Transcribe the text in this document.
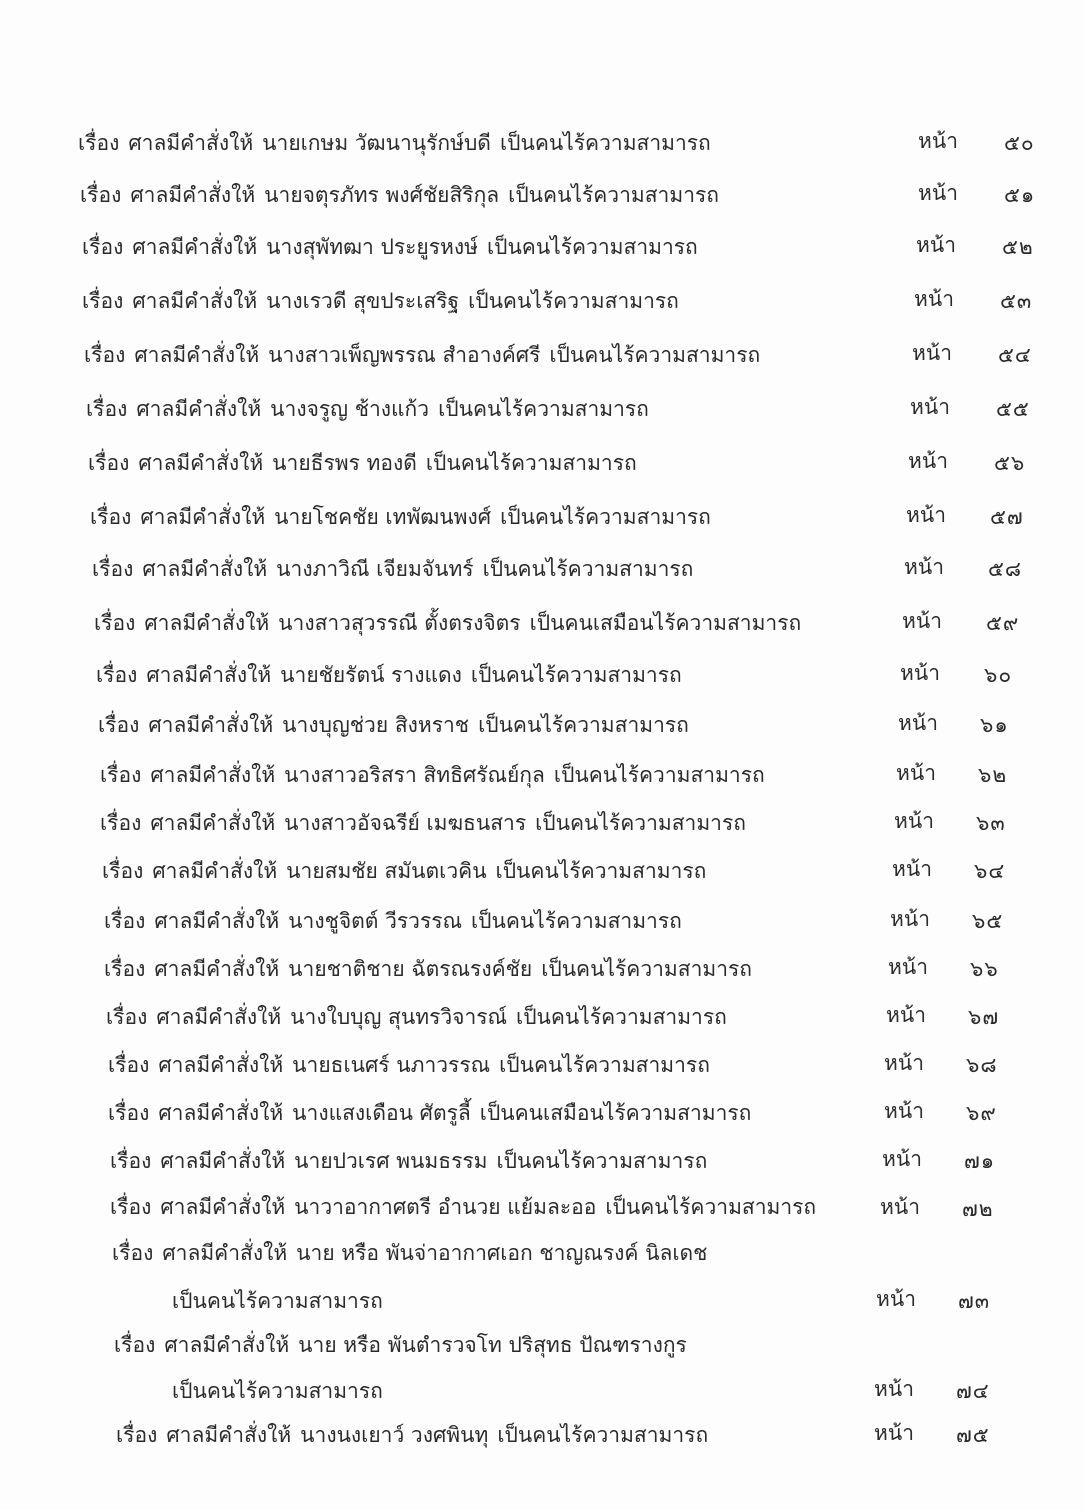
เรื่อง ศาลมีคำสั่งให้ นายเกษม วัฒนานุรักษ์บดี เป็นคนไร้ความสามารถ	หน้า ๕๐
เรื่อง ศาลมีคำสั่งให้ นายจตุรภัทร พงศ์ชัยสิริกุล เป็นคนไร้ความสามารถ	หน้า ๕๑
เรื่อง ศาลมีคำสั่งให้ นางสุพัทฒา ประยูรหงษ์ เป็นคนไร้ความสามารถ	หน้า ๕๒
เรื่อง ศาลมีคำสั่งให้ นางเรวดี สุขประเสริฐ เป็นคนไร้ความสามารถ	หน้า ๕๓
เรื่อง ศาลมีคำสั่งให้ นางสาวเพ็ญพรรณ สำอางค์ศรี เป็นคนไร้ความสามารถ	หน้า ๕๔
เรื่อง ศาลมีคำสั่งให้ นางจรูญ ช้างแก้ว เป็นคนไร้ความสามารถ	หน้า ๕๕
เรื่อง ศาลมีคำสั่งให้ นายธีรพร ทองดี เป็นคนไร้ความสามารถ	หน้า ๕๖
เรื่อง ศาลมีคำสั่งให้ นายโชคชัย เทพัฒนพงศ์ เป็นคนไร้ความสามารถ	หน้า ๕๗
เรื่อง ศาลมีคำสั่งให้ นางภาวิณี เจียมจันทร์ เป็นคนไร้ความสามารถ	หน้า ๕๘
เรื่อง ศาลมีคำสั่งให้ นางสาวสุวรรณี ตั้งตรงจิตร เป็นคนเสมือนไร้ความสามารถ	หน้า ๕๙
เรื่อง ศาลมีคำสั่งให้ นายชัยรัตน์ รางแดง เป็นคนไร้ความสามารถ	หน้า ๖๐
เรื่อง ศาลมีคำสั่งให้ นางบุญช่วย สิงหราช เป็นคนไร้ความสามารถ	หน้า ๖๑
เรื่อง ศาลมีคำสั่งให้ นางสาวอริสรา สิทธิศรัณย์กุล เป็นคนไร้ความสามารถ	หน้า ๖๒
เรื่อง ศาลมีคำสั่งให้ นางสาวอัจฉรีย์ เมฆธนสาร เป็นคนไร้ความสามารถ	หน้า ๖๓
เรื่อง ศาลมีคำสั่งให้ นายสมชัย สมันตเวคิน เป็นคนไร้ความสามารถ	หน้า ๖๔
เรื่อง ศาลมีคำสั่งให้ นางชูจิตต์ วีรวรรณ เป็นคนไร้ความสามารถ	หน้า ๖๕
เรื่อง ศาลมีคำสั่งให้ นายชาติชาย ฉัตรณรงค์ชัย เป็นคนไร้ความสามารถ	หน้า ๖๖
เรื่อง ศาลมีคำสั่งให้ นางใบบุญ สุนทรวิจารณ์ เป็นคนไร้ความสามารถ	หน้า ๖๗
เรื่อง ศาลมีคำสั่งให้ นายธเนศร์ นภาวรรณ เป็นคนไร้ความสามารถ	หน้า ๖๘
เรื่อง ศาลมีคำสั่งให้ นางแสงเดือน ศัตรูลี้ เป็นคนเสมือนไร้ความสามารถ	หน้า ๖๙
เรื่อง ศาลมีคำสั่งให้ นายปวเรศ พนมธรรม เป็นคนไร้ความสามารถ	หน้า ๗๑
เรื่อง ศาลมีคำสั่งให้ นาวาอากาศตรี อำนวย แย้มละออ เป็นคนไร้ความสามารถ	หน้า ๗๒
เรื่อง ศาลมีคำสั่งให้ นาย หรือ พันจ่าอากาศเอก ชาญณรงค์ นิลเดช
เป็นคนไร้ความสามารถ	หน้า ๗๓
เรื่อง ศาลมีคำสั่งให้ นาย หรือ พันตำรวจโท ปริสุทธ ปัณฑรางกูร
เป็นคนไร้ความสามารถ	หน้า ๗๔
เรื่อง ศาลมีคำสั่งให้ นางนงเยาว์ วงศพินทุ เป็นคนไร้ความสามารถ	หน้า ๗๕
